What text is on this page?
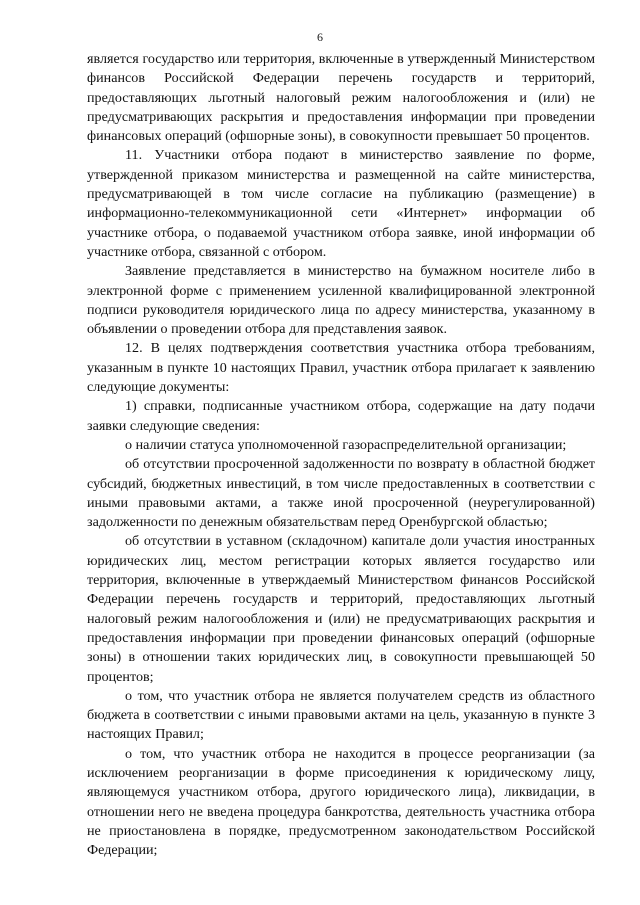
6

является государство или территория, включенные в утвержденный Министерством финансов Российской Федерации перечень государств и территорий, предоставляющих льготный налоговый режим налогообложения и (или) не предусматривающих раскрытия и предоставления информации при проведении финансовых операций (офшорные зоны), в совокупности превышает 50 процентов.

11. Участники отбора подают в министерство заявление по форме, утвержденной приказом министерства и размещенной на сайте министерства, предусматривающей в том числе согласие на публикацию (размещение) в информационно-телекоммуникационной сети «Интернет» информации об участнике отбора, о подаваемой участником отбора заявке, иной информации об участнике отбора, связанной с отбором.

Заявление представляется в министерство на бумажном носителе либо в электронной форме с применением усиленной квалифицированной электронной подписи руководителя юридического лица по адресу министерства, указанному в объявлении о проведении отбора для представления заявок.

12. В целях подтверждения соответствия участника отбора требованиям, указанным в пункте 10 настоящих Правил, участник отбора прилагает к заявлению следующие документы:

1) справки, подписанные участником отбора, содержащие на дату подачи заявки следующие сведения:

о наличии статуса уполномоченной газораспределительной организации;

об отсутствии просроченной задолженности по возврату в областной бюджет субсидий, бюджетных инвестиций, в том числе предоставленных в соответствии с иными правовыми актами, а также иной просроченной (неурегулированной) задолженности по денежным обязательствам перед Оренбургской областью;

об отсутствии в уставном (складочном) капитале доли участия иностранных юридических лиц, местом регистрации которых является государство или территория, включенные в утверждаемый Министерством финансов Российской Федерации перечень государств и территорий, предоставляющих льготный налоговый режим налогообложения и (или) не предусматривающих раскрытия и предоставления информации при проведении финансовых операций (офшорные зоны) в отношении таких юридических лиц, в совокупности превышающей 50 процентов;

о том, что участник отбора не является получателем средств из областного бюджета в соответствии с иными правовыми актами на цель, указанную в пункте 3 настоящих Правил;

о том, что участник отбора не находится в процессе реорганизации (за исключением реорганизации в форме присоединения к юридическому лицу, являющемуся участником отбора, другого юридического лица), ликвидации, в отношении него не введена процедура банкротства, деятельность участника отбора не приостановлена в порядке, предусмотренном законодательством Российской Федерации;
